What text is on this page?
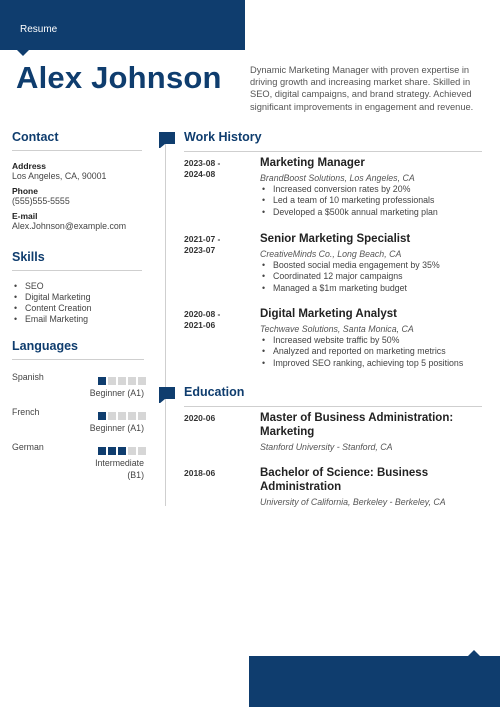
Resume
Alex Johnson	Dynamic Marketing Manager with proven expertise in driving growth and increasing market share. Skilled in SEO, digital campaigns, and brand strategy. Achieved significant improvements in engagement and revenue.
Contact
Address
Los Angeles, CA, 90001
Phone
(555)555-5555
E-mail
Alex.Johnson@example.com
Skills
• SEO
• Digital Marketing
• Content Creation
• Email Marketing
Languages
Spanish
Beginner (A1)
French
Beginner (A1)
German
Intermediate (B1)
Work History
2023-08 - 2024-08
Marketing Manager
BrandBoost Solutions, Los Angeles, CA
• Increased conversion rates by 20%
• Led a team of 10 marketing professionals
• Developed a $500k annual marketing plan
2021-07 - 2023-07
Senior Marketing Specialist
CreativeMinds Co., Long Beach, CA
• Boosted social media engagement by 35%
• Coordinated 12 major campaigns
• Managed a $1m marketing budget
2020-08 - 2021-06
Digital Marketing Analyst
Techwave Solutions, Santa Monica, CA
• Increased website traffic by 50%
• Analyzed and reported on marketing metrics
• Improved SEO ranking, achieving top 5 positions
Education
2020-06	Master of Business Administration: Marketing
Stanford University - Stanford, CA
2018-06	Bachelor of Science: Business Administration
University of California, Berkeley - Berkeley, CA
